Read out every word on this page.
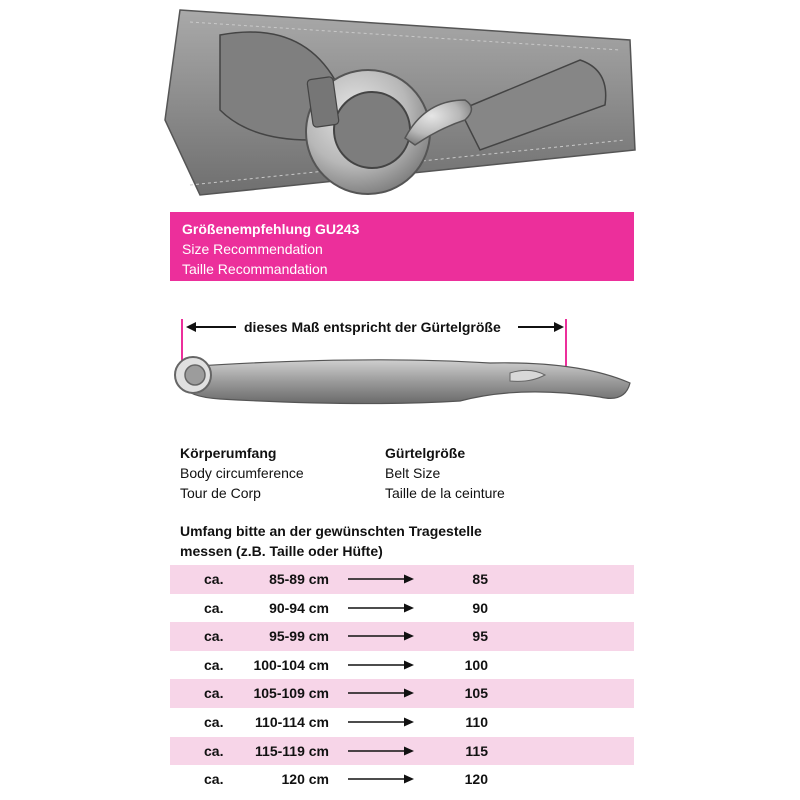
Größenempfehlung GU243
Size Recommendation
Taille Recommandation
dieses Maß entspricht der Gürtelgröße
Körperumfang
Body circumference
Tour de Corp
Gürtelgröße
Belt Size
Taille de la ceinture
Umfang bitte an der gewünschten Tragestelle
messen (z.B. Taille oder Hüfte)
ca.	85-89 cm	85
ca.	90-94 cm	90
ca.	95-99 cm	95
ca. 100-104 cm	100
ca. 105-109 cm	105
ca. 110-114 cm	110
ca. 115-119 cm	115
ca.	120 cm	120
